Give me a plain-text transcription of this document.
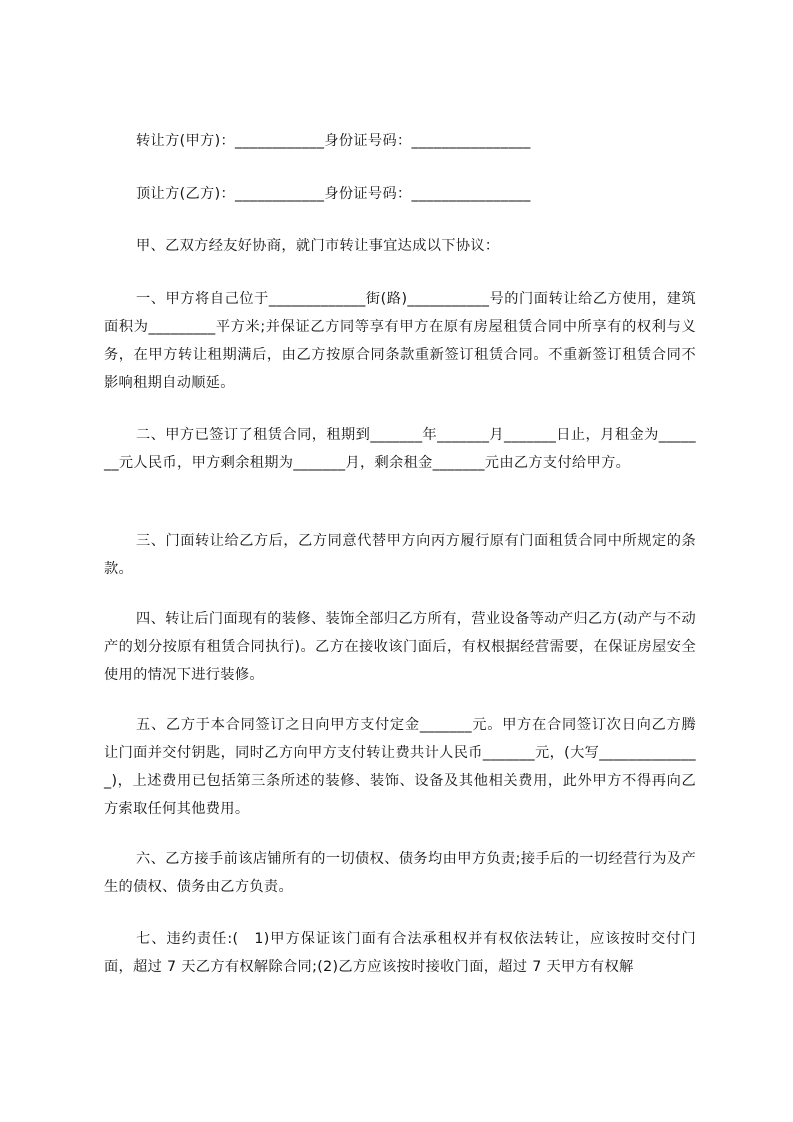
转让方(甲方)：____________身份证号码：________________

顶让方(乙方)：____________身份证号码：________________

甲、乙双方经友好协商，就门市转让事宜达成以下协议：

一、甲方将自己位于_____________街(路)___________号的门面转让给乙方使用，建筑面积为_________平方米;并保证乙方同等享有甲方在原有房屋租赁合同中所享有的权利与义务，在甲方转让租期满后，由乙方按原合同条款重新签订租赁合同。不重新签订租赁合同不影响租期自动顺延。

二、甲方已签订了租赁合同，租期到_______年_______月_______日止，月租金为_______元人民币，甲方剩余租期为_______月，剩余租金_______元由乙方支付给甲方。

三、门面转让给乙方后，乙方同意代替甲方向丙方履行原有门面租赁合同中所规定的条款。

四、转让后门面现有的装修、装饰全部归乙方所有，营业设备等动产归乙方(动产与不动产的划分按原有租赁合同执行)。乙方在接收该门面后，有权根据经营需要，在保证房屋安全使用的情况下进行装修。

五、乙方于本合同签订之日向甲方支付定金_______元。甲方在合同签订次日向乙方腾让门面并交付钥匙，同时乙方向甲方支付转让费共计人民币_______元，(大写______________)，上述费用已包括第三条所述的装修、装饰、设备及其他相关费用，此外甲方不得再向乙方索取任何其他费用。

六、乙方接手前该店铺所有的一切债权、债务均由甲方负责;接手后的一切经营行为及产生的债权、债务由乙方负责。

七、违约责任:(　1)甲方保证该门面有合法承租权并有权依法转让，应该按时交付门面，超过 7 天乙方有权解除合同;(2)乙方应该按时接收门面，超过 7 天甲方有权解
